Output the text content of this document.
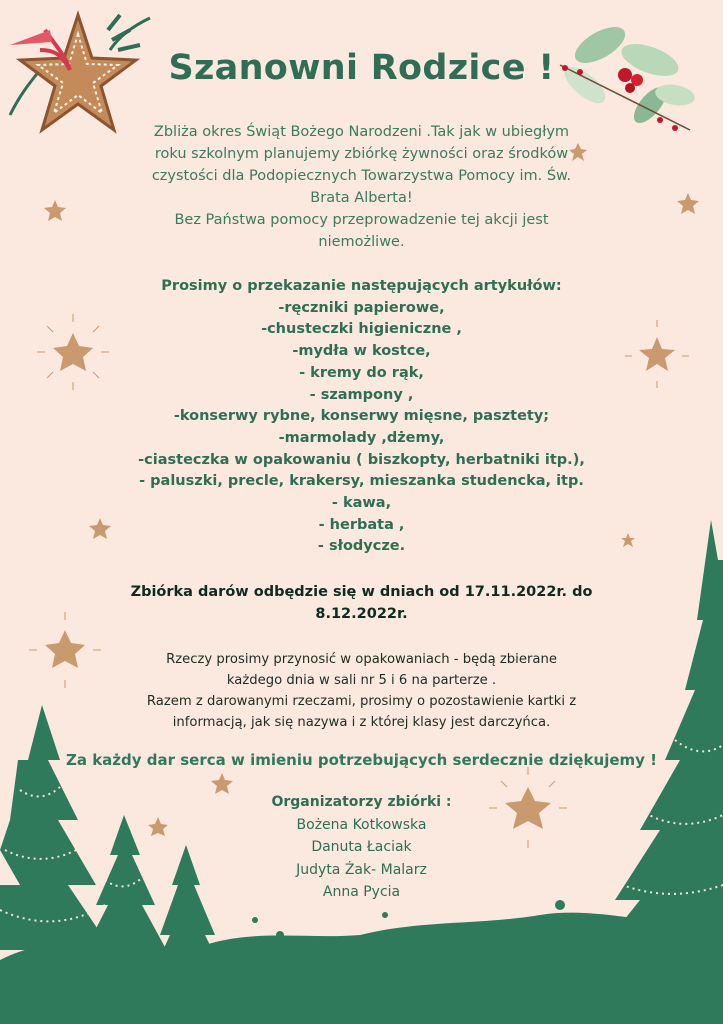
Szanowni Rodzice !
Zbliża okres Świąt Bożego Narodzeni .Tak jak w ubiegłym
roku szkolnym planujemy zbiórkę żywności oraz środków
czystości dla Podopiecznych Towarzystwa Pomocy im. Św.
Brata Alberta!
Bez Państwa pomocy przeprowadzenie tej akcji jest
niemożliwe.
Prosimy o przekazanie następujących artykułów:
-ręczniki papierowe,
-chusteczki higieniczne ,
-mydła w kostce,
- kremy do rąk,
- szampony ,
-konserwy rybne, konserwy mięsne, pasztety;
-marmolady ,dżemy,
-ciasteczka w opakowaniu ( biszkopty, herbatniki itp.),
- paluszki, precle, krakersy, mieszanka studencka, itp.
- kawa,
- herbata ,
- słodycze.
Zbiórka darów odbędzie się w dniach od 17.11.2022r. do
8.12.2022r.
Rzeczy prosimy przynosić w opakowaniach - będą zbierane
każdego dnia w sali nr 5 i 6 na parterze .
Razem z darowanymi rzeczami, prosimy o pozostawienie kartki z
informacją, jak się nazywa i z której klasy jest darczyńca.
Za każdy dar serca w imieniu potrzebujących serdecznie dziękujemy !
Organizatorzy zbiórki :
Bożena Kotkowska
Danuta Łaciak
Judyta Żak- Malarz
Anna Pycia
